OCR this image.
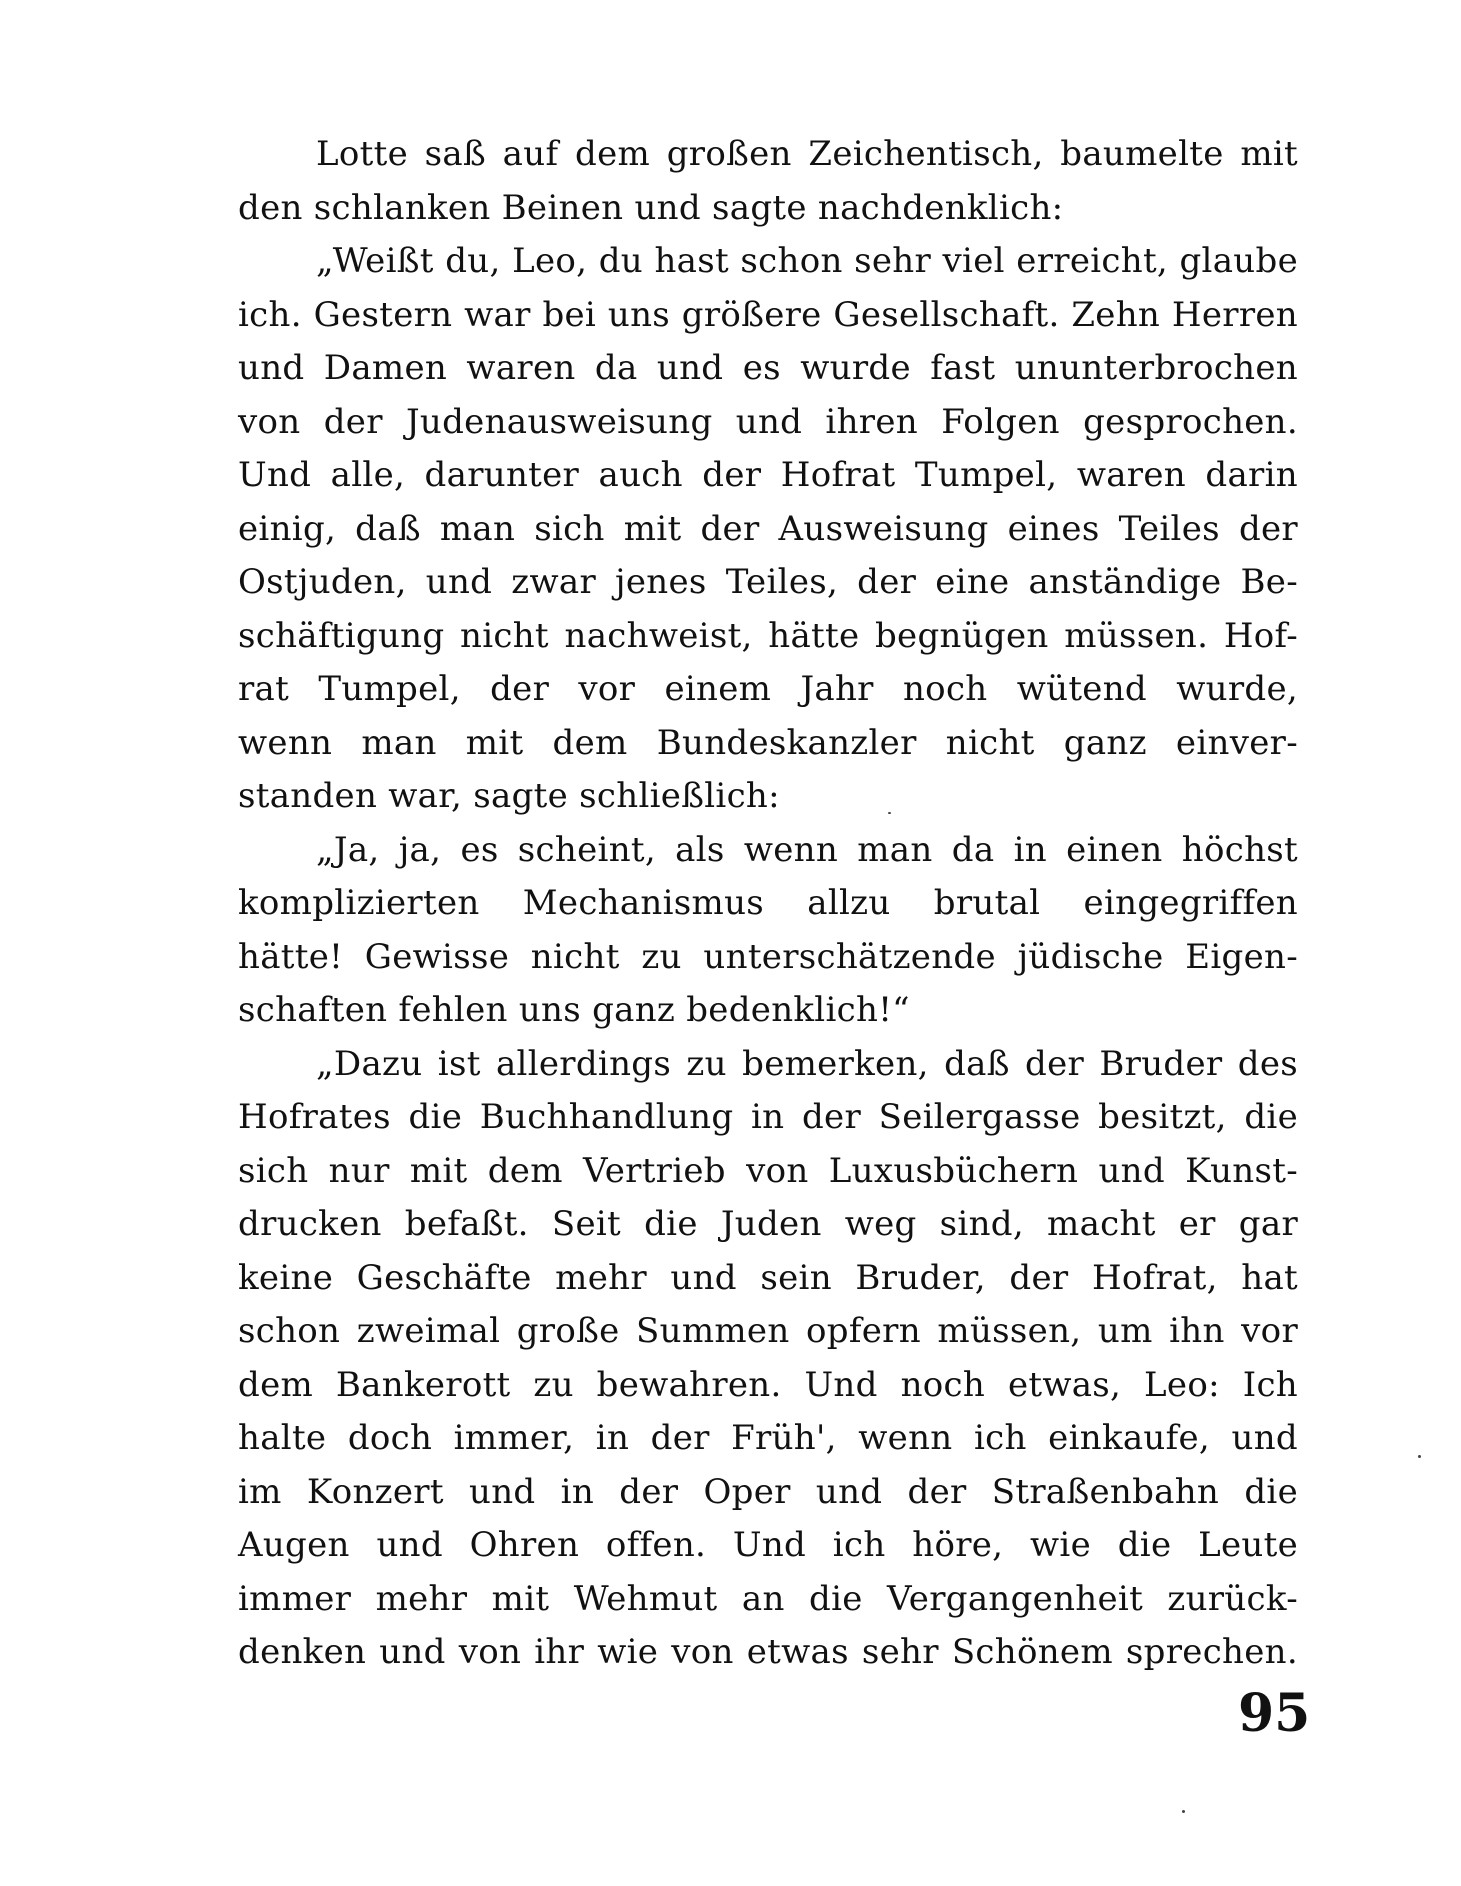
Lotte saß auf dem großen Zeichentisch, baumelte mit
den schlanken Beinen und sagte nachdenklich:
„Weißt du, Leo, du hast schon sehr viel erreicht, glaube
ich. Gestern war bei uns größere Gesellschaft. Zehn Herren
und Damen waren da und es wurde fast ununterbrochen
von der Judenausweisung und ihren Folgen gesprochen.
Und alle, darunter auch der Hofrat Tumpel, waren darin
einig, daß man sich mit der Ausweisung eines Teiles der
Ostjuden, und zwar jenes Teiles, der eine anständige Be-
schäftigung nicht nachweist, hätte begnügen müssen. Hof-
rat Tumpel, der vor einem Jahr noch wütend wurde,
wenn man mit dem Bundeskanzler nicht ganz einver-
standen war, sagte schließlich:
„Ja, ja, es scheint, als wenn man da in einen höchst
komplizierten Mechanismus allzu brutal eingegriffen
hätte! Gewisse nicht zu unterschätzende jüdische Eigen-
schaften fehlen uns ganz bedenklich!“
„Dazu ist allerdings zu bemerken, daß der Bruder des
Hofrates die Buchhandlung in der Seilergasse besitzt, die
sich nur mit dem Vertrieb von Luxusbüchern und Kunst-
drucken befaßt. Seit die Juden weg sind, macht er gar
keine Geschäfte mehr und sein Bruder, der Hofrat, hat
schon zweimal große Summen opfern müssen, um ihn vor
dem Bankerott zu bewahren. Und noch etwas, Leo: Ich
halte doch immer, in der Früh', wenn ich einkaufe, und
im Konzert und in der Oper und der Straßenbahn die
Augen und Ohren offen. Und ich höre, wie die Leute
immer mehr mit Wehmut an die Vergangenheit zurück-
denken und von ihr wie von etwas sehr Schönem sprechen.
95
